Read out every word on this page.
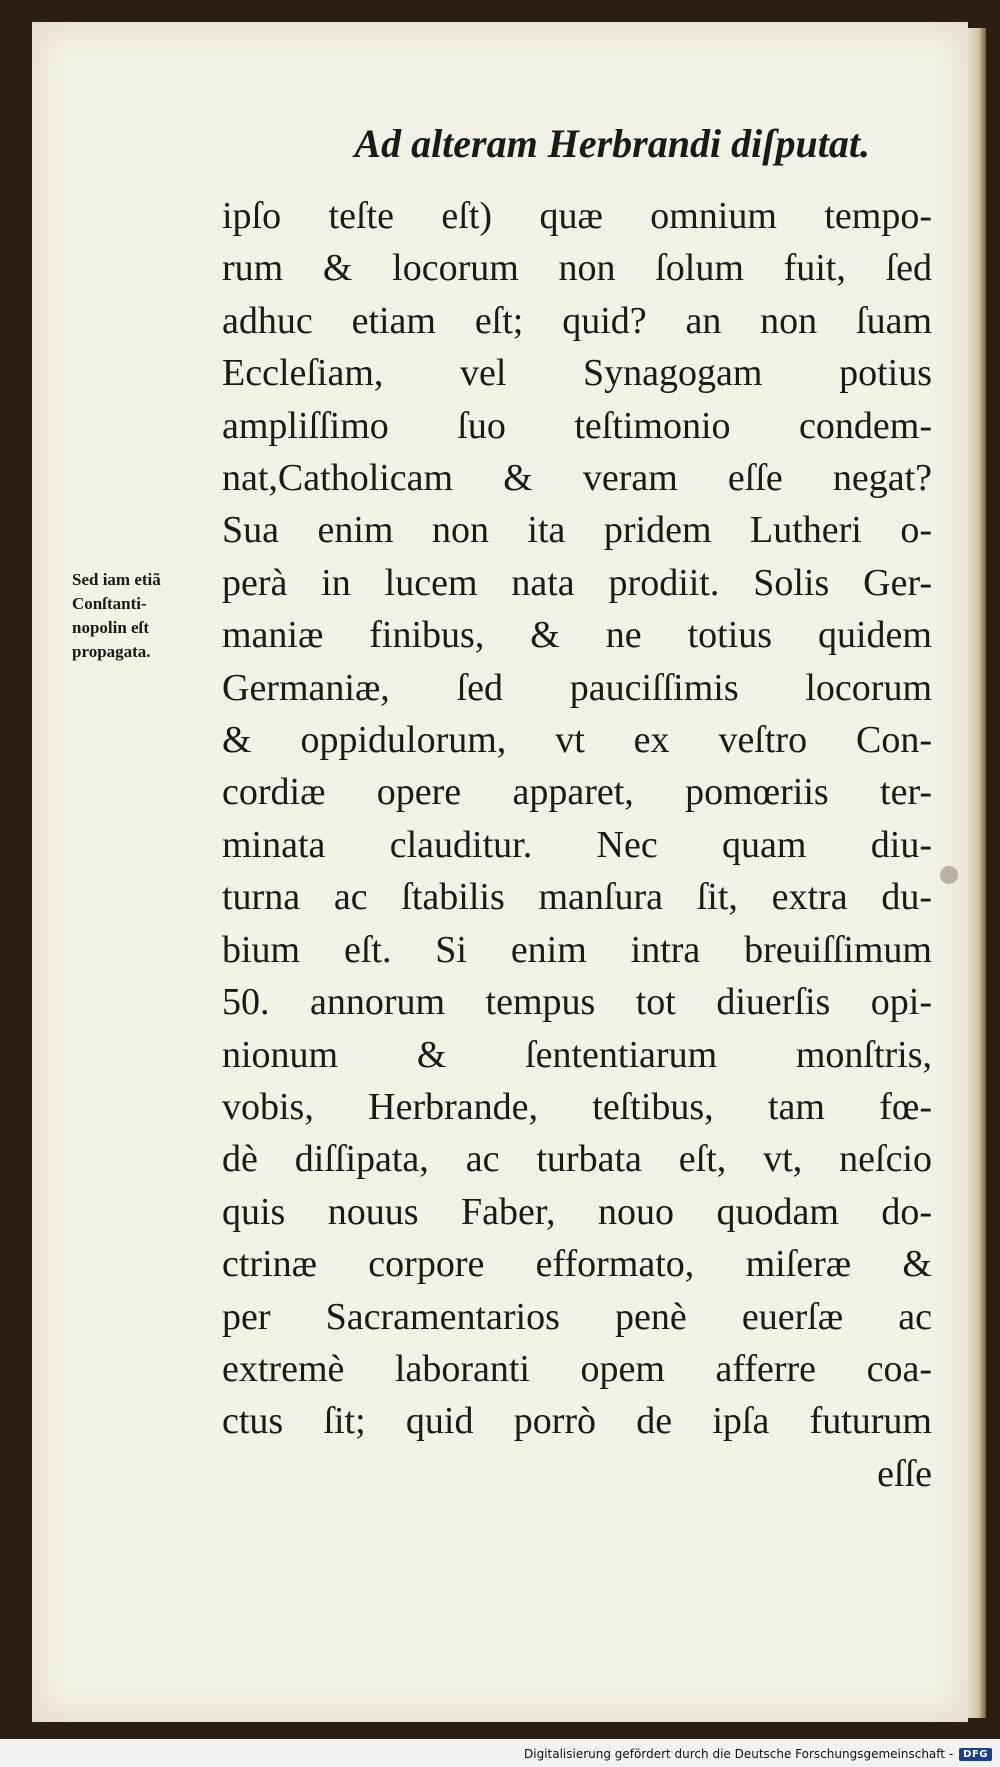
Ad alteram Herbrandi diſputat.
Sed iam etiã
Conſtanti-
nopolin eſt
propagata.
ipſo teſte eſt) quæ omnium tempo-
rum & locorum non ſolum fuit, ſed
adhuc etiam eſt; quid? an non ſuam
Eccleſiam, vel Synagogam potius
ampliſſimo ſuo teſtimonio condem-
nat,Catholicam & veram eſſe negat?
Sua enim non ita pridem Lutheri o-
perà in lucem nata prodiit. Solis Ger-
maniæ finibus, & ne totius quidem
Germaniæ, ſed pauciſſimis locorum
& oppidulorum, vt ex veſtro Con-
cordiæ opere apparet, pomœriis ter-
minata clauditur. Nec quam diu-
turna ac ſtabilis manſura ſit, extra du-
bium eſt. Si enim intra breuiſſimum
50. annorum tempus tot diuerſis opi-
nionum & ſententiarum monſtris,
vobis, Herbrande, teſtibus, tam fœ-
dè diſſipata, ac turbata eſt, vt, neſcio
quis nouus Faber, nouo quodam do-
ctrinæ corpore efformato, miſeræ &
per Sacramentarios penè euerſæ ac
extremè laboranti opem afferre coa-
ctus ſit; quid porrò de ipſa futurum
eſſe
Digitalisierung gefördert durch die Deutsche Forschungsgemeinschaft -	DFG
